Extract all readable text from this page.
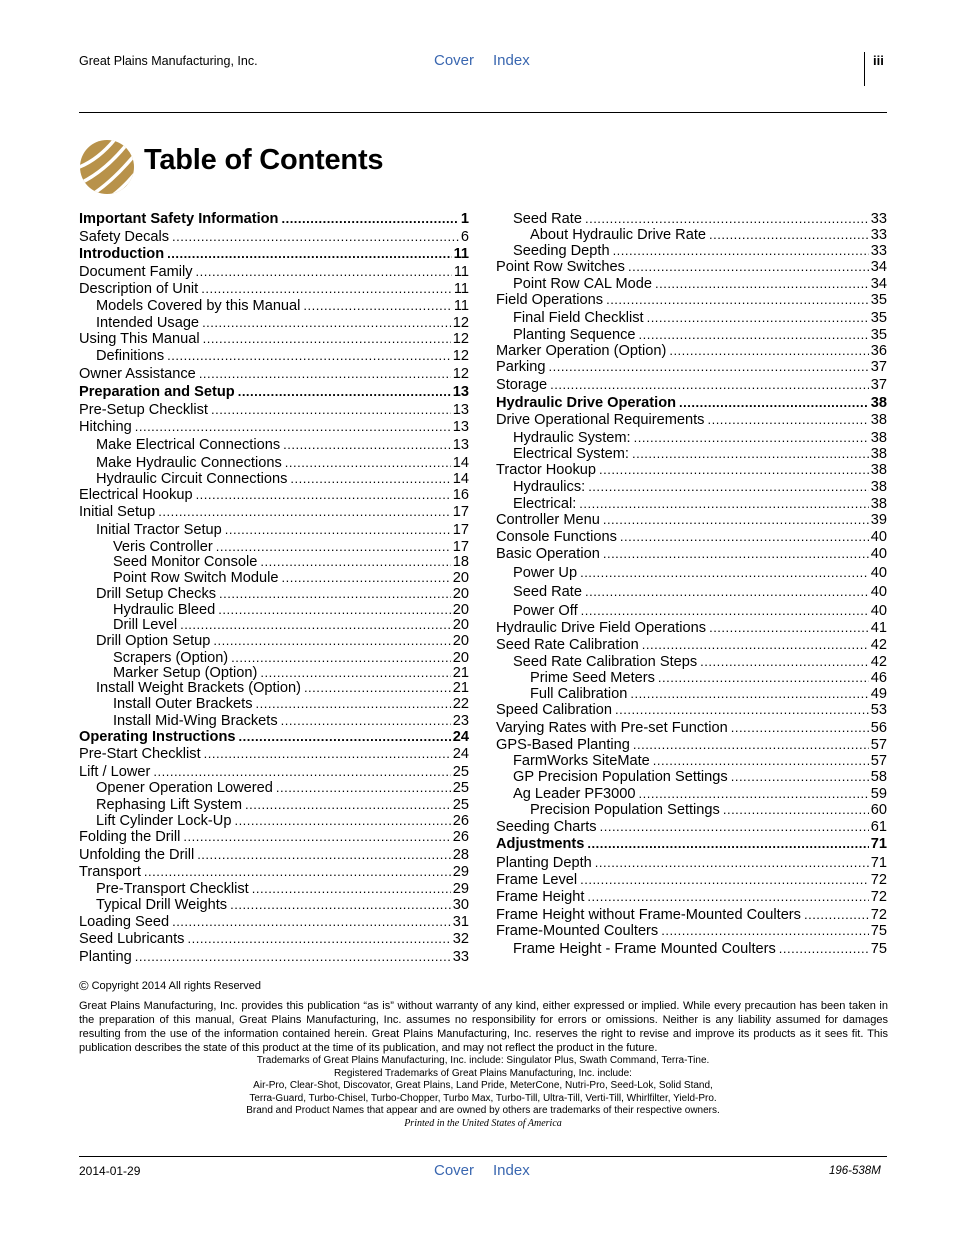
Great Plains Manufacturing, Inc.	Cover Index	iii
Table of Contents
© Copyright 2014 All rights Reserved
Great Plains Manufacturing, Inc. provides this publication “as is” without warranty of any kind, either expressed or implied. While every precaution has been taken in the preparation of this manual, Great Plains Manufacturing, Inc. assumes no responsibility for errors or omissions. Neither is any liability assumed for damages resulting from the use of the information contained herein. Great Plains Manufacturing, Inc. reserves the right to revise and improve its products as it sees fit. This publication describes the state of this product at the time of its publication, and may not reflect the product in the future.
Trademarks of Great Plains Manufacturing, Inc. include: Singulator Plus, Swath Command, Terra-Tine.
Registered Trademarks of Great Plains Manufacturing, Inc. include:
Air-Pro, Clear-Shot, Discovator, Great Plains, Land Pride, MeterCone, Nutri-Pro, Seed-Lok, Solid Stand,
Terra-Guard, Turbo-Chisel, Turbo-Chopper, Turbo Max, Turbo-Till, Ultra-Till, Verti-Till, Whirlfilter, Yield-Pro.
Brand and Product Names that appear and are owned by others are trademarks of their respective owners.
Printed in the United States of America
2014-01-29	Cover Index	196-538M
Important Safety Information .....	1
Safety Decals .....	6
Introduction .....	11
Document Family .....	11
Description of Unit .....	11
Models Covered by this Manual .....	11
Intended Usage .....	12
Using This Manual .....	12
Definitions .....	12
Owner Assistance .....	12
Preparation and Setup .....	13
Pre-Setup Checklist .....	13
Hitching .....	13
Make Electrical Connections .....	13
Make Hydraulic Connections .....	14
Hydraulic Circuit Connections .....	14
Electrical Hookup .....	16
Initial Setup .....	17
Initial Tractor Setup .....	17
Veris Controller .....	17
Seed Monitor Console .....	18
Point Row Switch Module .....	20
Drill Setup Checks .....	20
Hydraulic Bleed .....	20
Drill Level .....	20
Drill Option Setup .....	20
Scrapers (Option) .....	20
Marker Setup (Option) .....	21
Install Weight Brackets (Option) .....	21
Install Outer Brackets .....	22
Install Mid-Wing Brackets .....	23
Operating Instructions .....	24
Pre-Start Checklist .....	24
Lift / Lower .....	25
Opener Operation Lowered .....	25
Rephasing Lift System .....	25
Lift Cylinder Lock-Up .....	26
Folding the Drill .....	26
Unfolding the Drill .....	28
Transport .....	29
Pre-Transport Checklist .....	29
Typical Drill Weights .....	30
Loading Seed .....	31
Seed Lubricants .....	32
Planting .....	33
Seed Rate .....	33
About Hydraulic Drive Rate .....	33
Seeding Depth .....	33
Point Row Switches .....	34
Point Row CAL Mode .....	34
Field Operations .....	35
Final Field Checklist .....	35
Planting Sequence .....	35
Marker Operation (Option) .....	36
Parking .....	37
Storage .....	37
Hydraulic Drive Operation .....	38
Drive Operational Requirements .....	38
Hydraulic System: .....	38
Electrical System: .....	38
Tractor Hookup .....	38
Hydraulics: .....	38
Electrical: .....	38
Controller Menu .....	39
Console Functions .....	40
Basic Operation .....	40
Power Up .....	40
Seed Rate .....	40
Power Off .....	40
Hydraulic Drive Field Operations .....	41
Seed Rate Calibration .....	42
Seed Rate Calibration Steps .....	42
Prime Seed Meters .....	46
Full Calibration .....	49
Speed Calibration .....	53
Varying Rates with Pre-set Function .....	56
GPS-Based Planting .....	57
FarmWorks SiteMate .....	57
GP Precision Population Settings .....	58
Ag Leader PF3000 .....	59
Precision Population Settings .....	60
Seeding Charts .....	61
Adjustments .....	71
Planting Depth .....	71
Frame Level .....	72
Frame Height .....	72
Frame Height without Frame-Mounted Coulters .....	72
Frame-Mounted Coulters .....	75
Frame Height - Frame Mounted Coulters .....	75
